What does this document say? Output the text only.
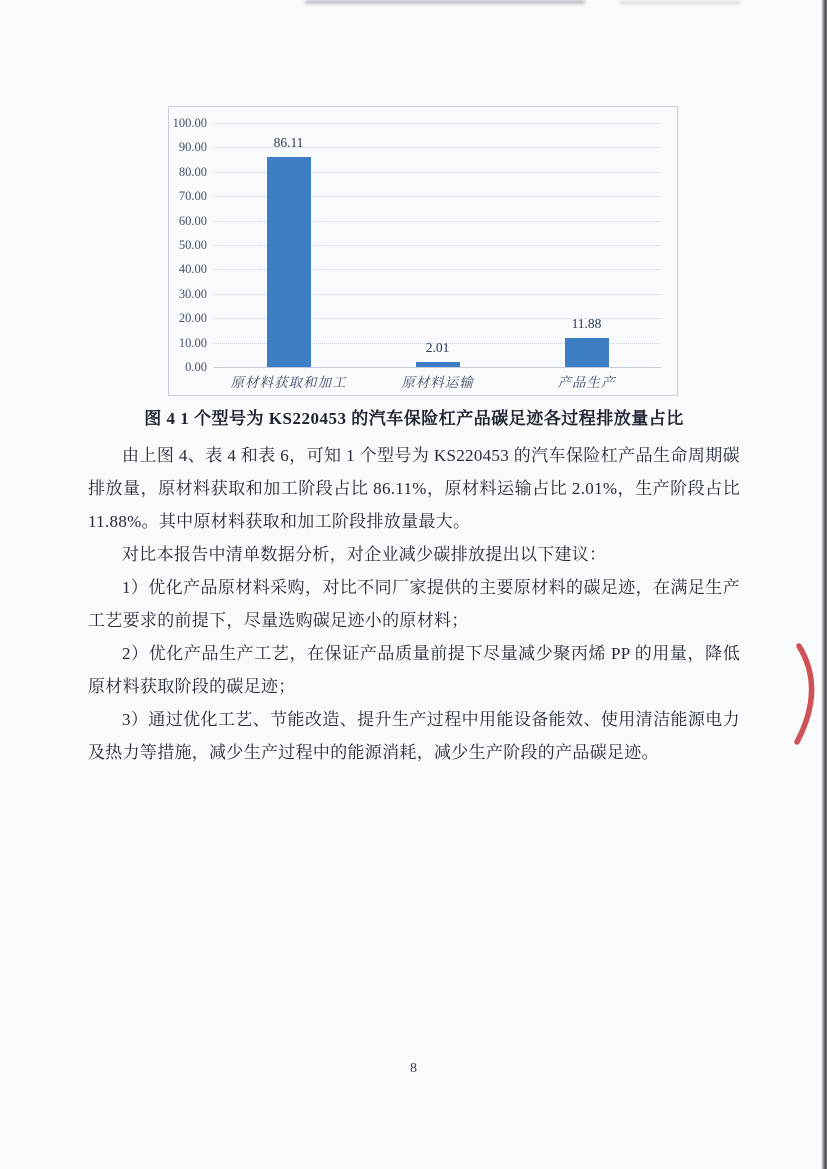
86.11
原材料获取和加工
2.01
原材料运输
11.88
产品生产
0.00
10.00
20.00
30.00
40.00
50.00
60.00
70.00
80.00
90.00
100.00
图 4 1 个型号为 KS220453 的汽车保险杠产品碳足迹各过程排放量占比

由上图 4、表 4 和表 6，可知 1 个型号为 KS220453 的汽车保险杠产品生命周期碳排放量，原材料获取和加工阶段占比 86.11%，原材料运输占比 2.01%，生产阶段占比 11.88%。其中原材料获取和加工阶段排放量最大。

对比本报告中清单数据分析，对企业减少碳排放提出以下建议：

1）优化产品原材料采购，对比不同厂家提供的主要原材料的碳足迹，在满足生产工艺要求的前提下，尽量选购碳足迹小的原材料；

2）优化产品生产工艺，在保证产品质量前提下尽量减少聚丙烯 PP 的用量，降低原材料获取阶段的碳足迹；

3）通过优化工艺、节能改造、提升生产过程中用能设备能效、使用清洁能源电力及热力等措施，减少生产过程中的能源消耗，减少生产阶段的产品碳足迹。

8
